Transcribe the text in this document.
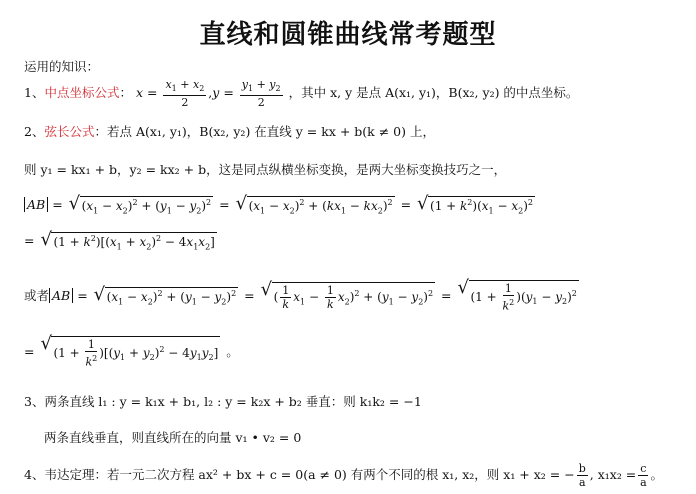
直线和圆锥曲线常考题型
运用的知识：
1、中点坐标公式： $x = \frac{x_1 + x_2}{2} ,y = \frac{y_1 + y_2}{2}$ ，其中 x, y 是点 A(x₁, y₁)，B(x₂, y₂) 的中点坐标。
2、弦长公式：若点 A(x₁, y₁)，B(x₂, y₂) 在直线 y = kx + b(k ≠ 0) 上，
则 y₁ = kx₁ + b，y₂ = kx₂ + b，这是同点纵横坐标变换，是两大坐标变换技巧之一，
AB = √ $(x_1 - x_2)^2 + (y_1 - y_2)^2$ = √ $(x_1 - x_2)^2 + (kx_1 - kx_2)^2$ = √ $(1 + k^2)(x_1 - x_2)^2$
= √ $(1 + k^2)[(x_1 + x_2)^2 - 4x_1x_2]$
或者 AB = √ $(x_1 - x_2)^2 + (y_1 - y_2)^2$ = √ ( $\frac{1}{k} x_1 - \frac{1}{k} x_2)^2 + (y_1 - y_2)^2$ = √ $(1 + \frac{1}{k^2} )(y_1 - y_2)^2$
= √ $(1 + \frac{1}{k^2} )[(y_1 + y_2)^2 - 4y_1y_2]$ 。
3、两条直线 l₁ : y = k₁x + b₁, l₂ : y = k₂x + b₂ 垂直：则 k₁k₂ = −1
两条直线垂直，则直线所在的向量 v₁ • v₂ = 0
4、韦达定理：若一元二次方程 ax² + bx + c = 0(a ≠ 0) 有两个不同的根 x₁, x₂，则 x₁ + x₂ = − $\frac{b}{a}$ , $x_1x_2 = \frac{c}{a}$ 。
